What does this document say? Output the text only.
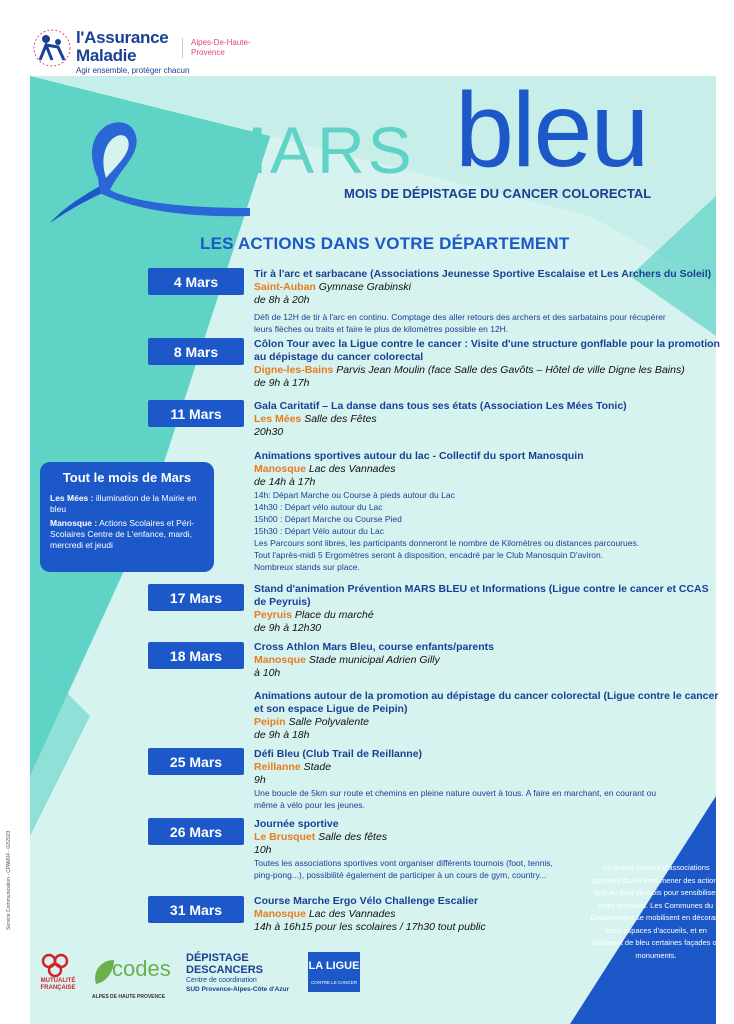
l'Assurance
Maladie
Agir ensemble, protéger chacun
Alpes-De-Haute-
Provence
MARS bleu
MOIS DE DÉPISTAGE DU CANCER COLORECTAL
LES ACTIONS DANS VOTRE DÉPARTEMENT
4 Mars
8 Mars
11 Mars
17 Mars
18 Mars
25 Mars
26 Mars
31 Mars
Tir à l'arc et sarbacane (Associations Jeunesse Sportive Escalaise et Les Archers du Soleil)
Saint-Auban Gymnase Grabinski
de 8h à 20h
Défi de 12H de tir à l'arc en continu. Comptage des aller retours des archers et des sarbatains pour récupérer
leurs flèches ou traits et faire le plus de kilomètres possible en 12H.
Côlon Tour avec la Ligue contre le cancer : Visite d'une structure gonflable pour la promotion au dépistage du cancer colorectal
Digne-les-Bains Parvis Jean Moulin (face Salle des Gavôts – Hôtel de ville Digne les Bains)
de 9h à 17h
Gala Caritatif – La danse dans tous ses états (Association Les Mées Tonic)
Les Mées Salle des Fêtes
20h30
Animations sportives autour du lac - Collectif du sport Manosquin
Manosque Lac des Vannades
de 14h à 17h
14h: Départ Marche ou Course à pieds autour du Lac
14h30 : Départ vélo autour du Lac
15h00 : Départ Marche ou Course Pied
15h30 : Départ Vélo autour du Lac
Les Parcours sont libres, les participants donneront le nombre de Kilomètres ou distances parcourues.
Tout l'après-midi 5 Ergomètres seront à disposition, encadré par le Club Manosquin D'aviron.
Nombreux stands sur place.
Stand d'animation Prévention MARS BLEU et Informations (Ligue contre le cancer et CCAS de Peyruis)
Peyruis Place du marché
de 9h à 12h30
Cross Athlon Mars Bleu, course enfants/parents
Manosque Stade municipal Adrien Gilly
à 10h
Animations autour de la promotion au dépistage du cancer colorectal (Ligue contre le cancer et son espace Ligue de Peipin)
Peipin Salle Polyvalente
de 9h à 18h
Défi Bleu (Club Trail de Reillanne)
Reillanne Stade
9h
Une boucle de 5km sur route et chemins en pleine nature ouvert à tous. A faire en marchant, en courant ou
même à vélo pour les jeunes.
Journée sportive
Le Brusquet Salle des fêtes
10h
Toutes les associations sportives vont organiser différents tournois (foot, tennis,
ping-pong...), possibilité également de participer à un cours de gym, country...
Course Marche Ergo Vélo Challenge Escalier
Manosque Lac des Vannades
14h à 16h15 pour les scolaires / 17h30 tout public
Tout le mois de Mars

Les Mées : illumination de la Mairie en bleu

Manosque : Actions Scolaires et Péri-Scolaires Centre de L'enfance, mardi, mercredi et jeudi

Un grand nombre d'associations sportives du 04 vont mener des actions tout au long du mois pour sensibiliser leurs licenciés. Les Communes du Département se mobilisent en décorant leurs espaces d'accueils, et en illuminant de bleu certaines façades ou monuments.
Service Communication - CPAM04 - 02/2023
MUTUALITÉ FRANÇAISE
codes
ALPES DE HAUTE PROVENCE
DÉPISTAGE
DESCANCERS
Centre de coordination
SUD Provence-Alpes-Côte d'Azur
LA LIGUE
CONTRE LE CANCER
